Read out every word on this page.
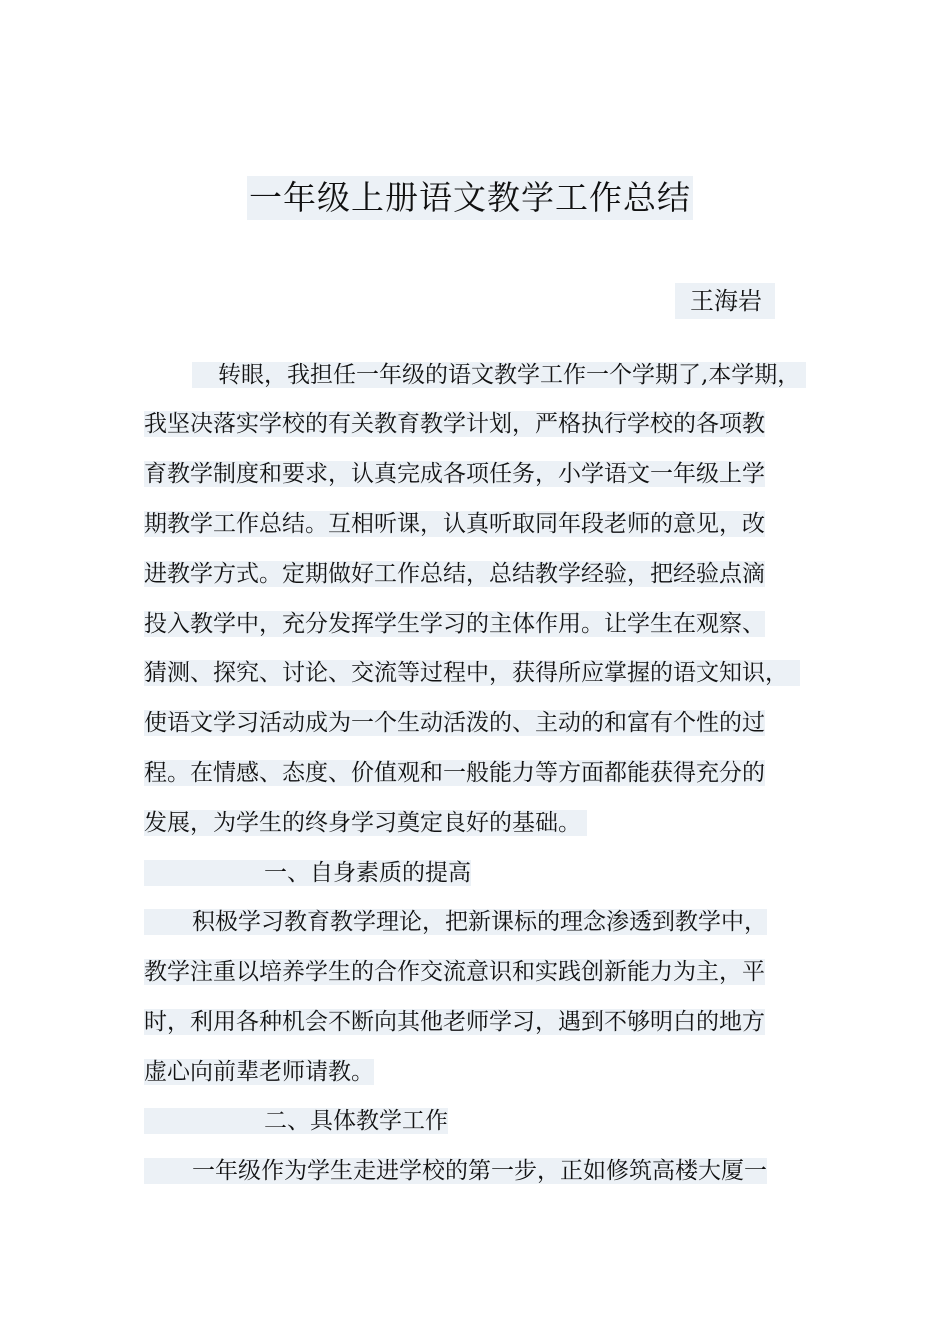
一年级上册语文教学工作总结
王海岩
转眼，我担任一年级的语文教学工作一个学期了,本学期，
我坚决落实学校的有关教育教学计划，严格执行学校的各项教
育教学制度和要求，认真完成各项任务，小学语文一年级上学
期教学工作总结。互相听课，认真听取同年段老师的意见，改
进教学方式。定期做好工作总结，总结教学经验，把经验点滴
投入教学中，充分发挥学生学习的主体作用。让学生在观察、
猜测、探究、讨论、交流等过程中，获得所应掌握的语文知识，
使语文学习活动成为一个生动活泼的、主动的和富有个性的过
程。在情感、态度、价值观和一般能力等方面都能获得充分的
发展，为学生的终身学习奠定良好的基础。
一、自身素质的提高
积极学习教育教学理论，把新课标的理念渗透到教学中，
教学注重以培养学生的合作交流意识和实践创新能力为主，平
时，利用各种机会不断向其他老师学习，遇到不够明白的地方
虚心向前辈老师请教。
二、具体教学工作
一年级作为学生走进学校的第一步，正如修筑高楼大厦一
